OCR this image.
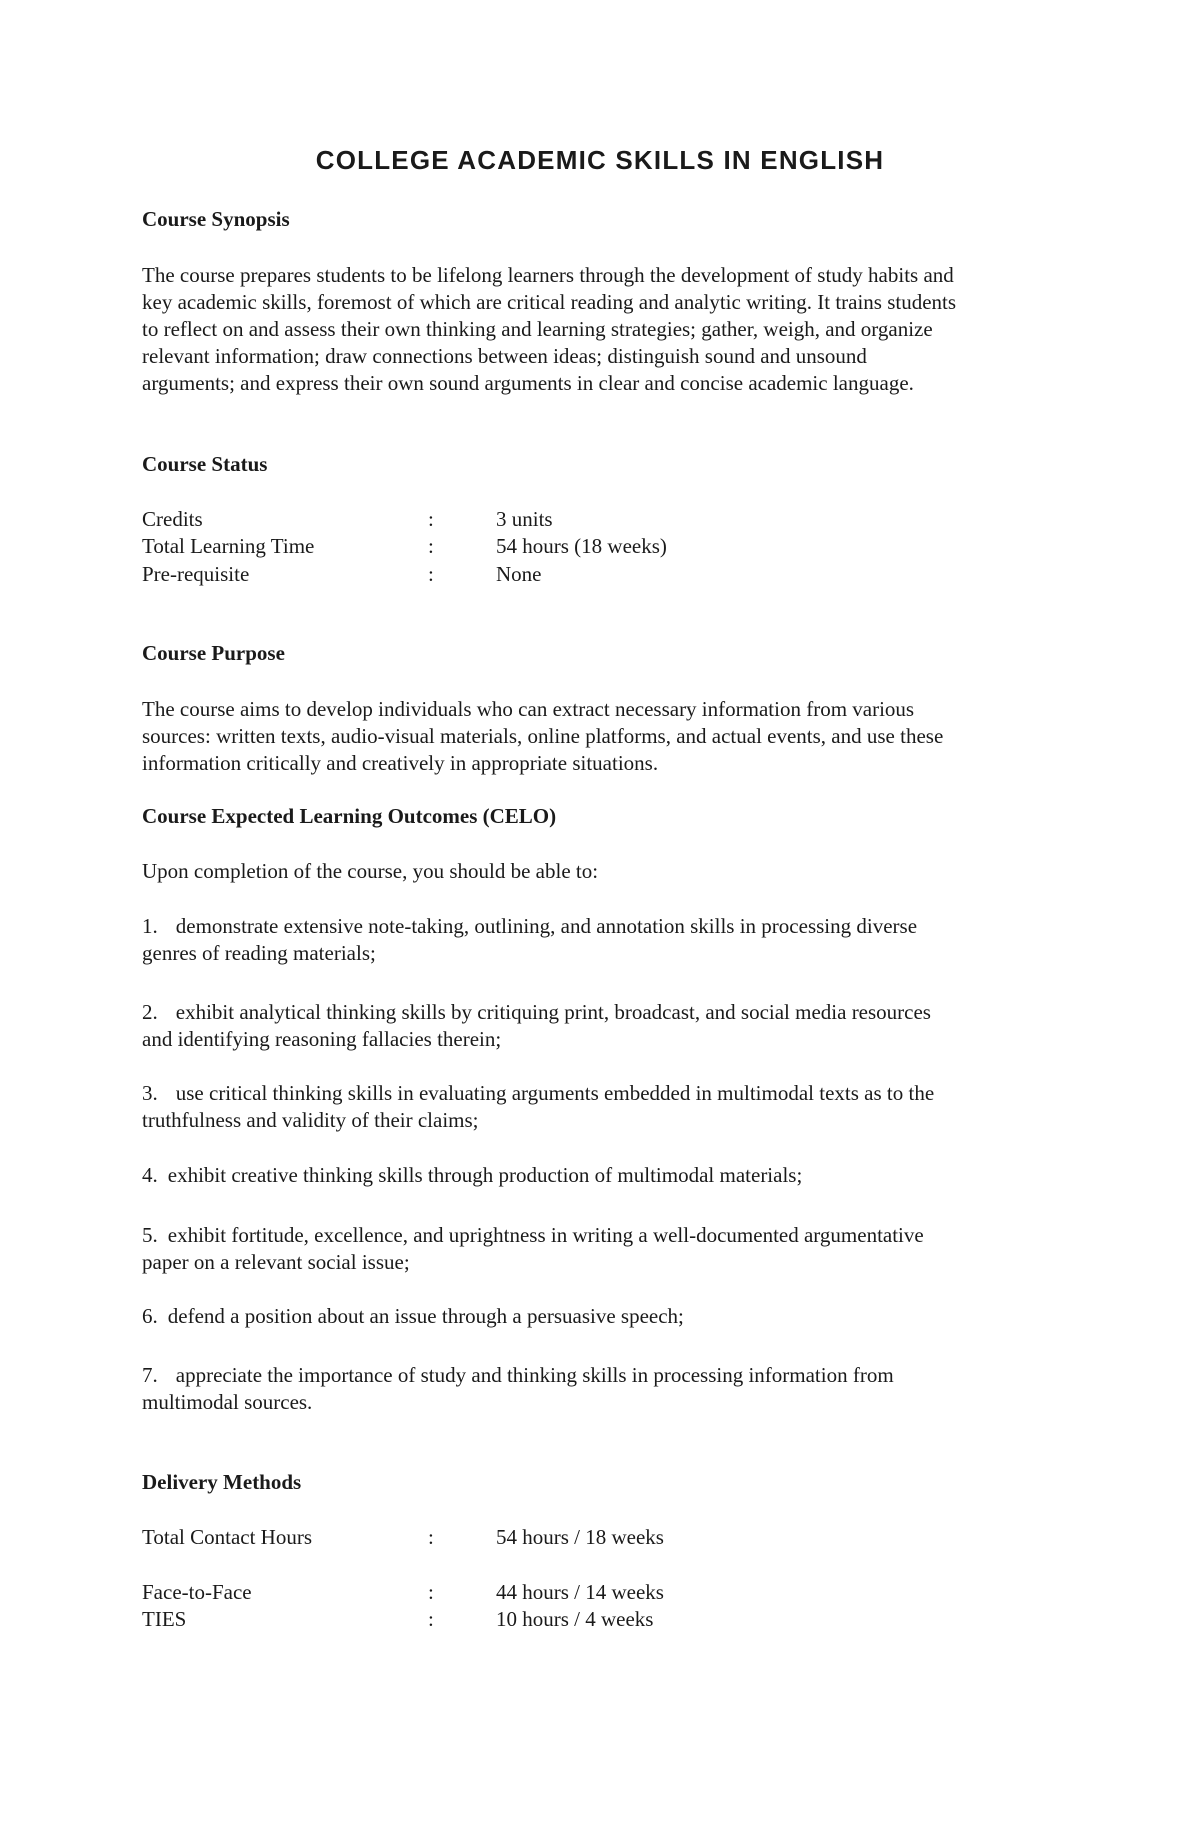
COLLEGE ACADEMIC SKILLS IN ENGLISH
Course Synopsis
The course prepares students to be lifelong learners through the development of study habits and
key academic skills, foremost of which are critical reading and analytic writing. It trains students
to reflect on and assess their own thinking and learning strategies; gather, weigh, and organize
relevant information; draw connections between ideas; distinguish sound and unsound
arguments; and express their own sound arguments in clear and concise academic language.
Course Status
Credits	:	3 units
Total Learning Time	:	54 hours (18 weeks)
Pre-requisite	:	None
Course Purpose
The course aims to develop individuals who can extract necessary information from various
sources: written texts, audio-visual materials, online platforms, and actual events, and use these
information critically and creatively in appropriate situations.
Course Expected Learning Outcomes (CELO)
Upon completion of the course, you should be able to:
1. demonstrate extensive note-taking, outlining, and annotation skills in processing diverse
genres of reading materials;
2. exhibit analytical thinking skills by critiquing print, broadcast, and social media resources
and identifying reasoning fallacies therein;
3. use critical thinking skills in evaluating arguments embedded in multimodal texts as to the
truthfulness and validity of their claims;
4. exhibit creative thinking skills through production of multimodal materials;
5. exhibit fortitude, excellence, and uprightness in writing a well-documented argumentative
paper on a relevant social issue;
6. defend a position about an issue through a persuasive speech;
7. appreciate the importance of study and thinking skills in processing information from
multimodal sources.
Delivery Methods
Total Contact Hours	:	54 hours / 18 weeks
Face-to-Face	:	44 hours / 14 weeks
TIES	:	10 hours / 4 weeks
